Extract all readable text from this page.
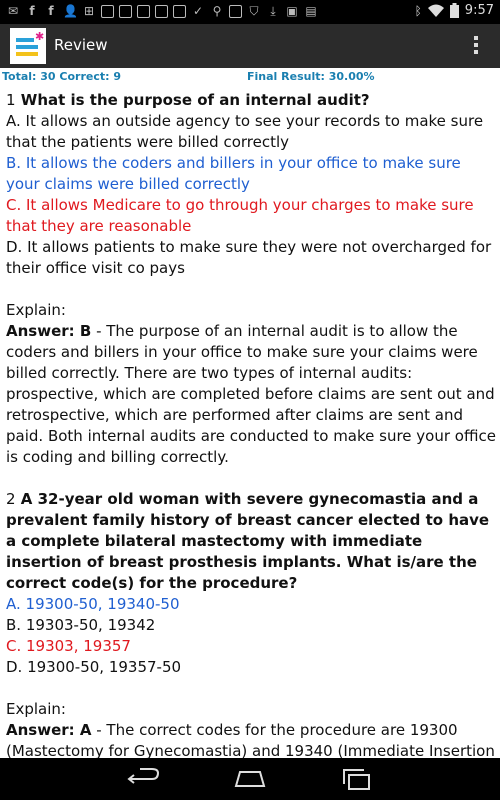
✉ f	f 👤 ⊞	✓ ⚲ ⛉ ⤓ ▣ ▤	ᛒ	9:57
✱ Review
Total: 30 Correct: 9	Final Result: 30.00%

1 What is the purpose of an internal audit?

A. It allows an outside agency to see your records to make sure that the patients were billed correctly

B. It allows the coders and billers in your office to make sure your claims were billed correctly

C. It allows Medicare to go through your charges to make sure that they are reasonable

D. It allows patients to make sure they were not overcharged for their office visit co pays

Explain:

Answer: B - The purpose of an internal audit is to allow the coders and billers in your office to make sure your claims were billed correctly. There are two types of internal audits: prospective, which are completed before claims are sent out and retrospective, which are performed after claims are sent and paid. Both internal audits are conducted to make sure your office is coding and billing correctly.

2 A 32-year old woman with severe gynecomastia and a prevalent family history of breast cancer elected to have a complete bilateral mastectomy with immediate insertion of breast prosthesis implants. What is/are the correct code(s) for the procedure?

A. 19300-50, 19340-50

B. 19303-50, 19342

C. 19303, 19357

D. 19300-50, 19357-50

Explain:

Answer: A - The correct codes for the procedure are 19300 (Mastectomy for Gynecomastia) and 19340 (Immediate Insertion
